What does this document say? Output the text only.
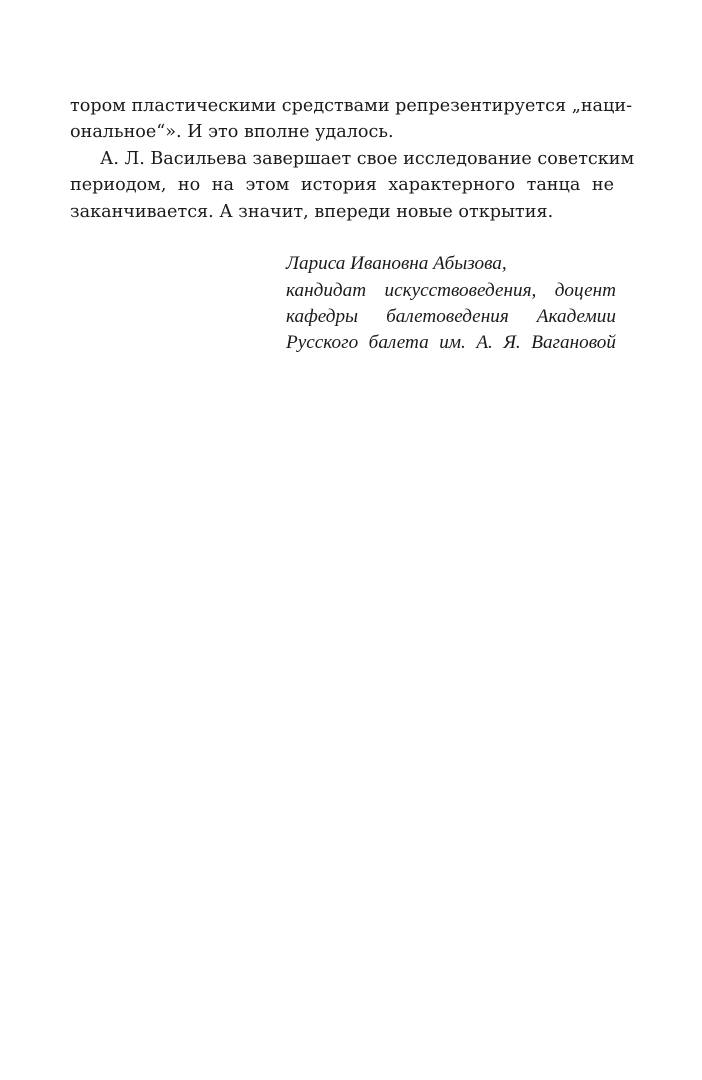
тором пластическими средствами репрезентируется „наци-
ональное“». И это вполне удалось.
А. Л. Васильева завершает свое исследование советским
периодом, но на этом история характерного танца не
заканчивается. А значит, впереди новые открытия.
Лариса Ивановна Абызова,
кандидат искусствоведения, доцент
кафедры балетоведения Академии
Русского балета им. А. Я. Вагановой
